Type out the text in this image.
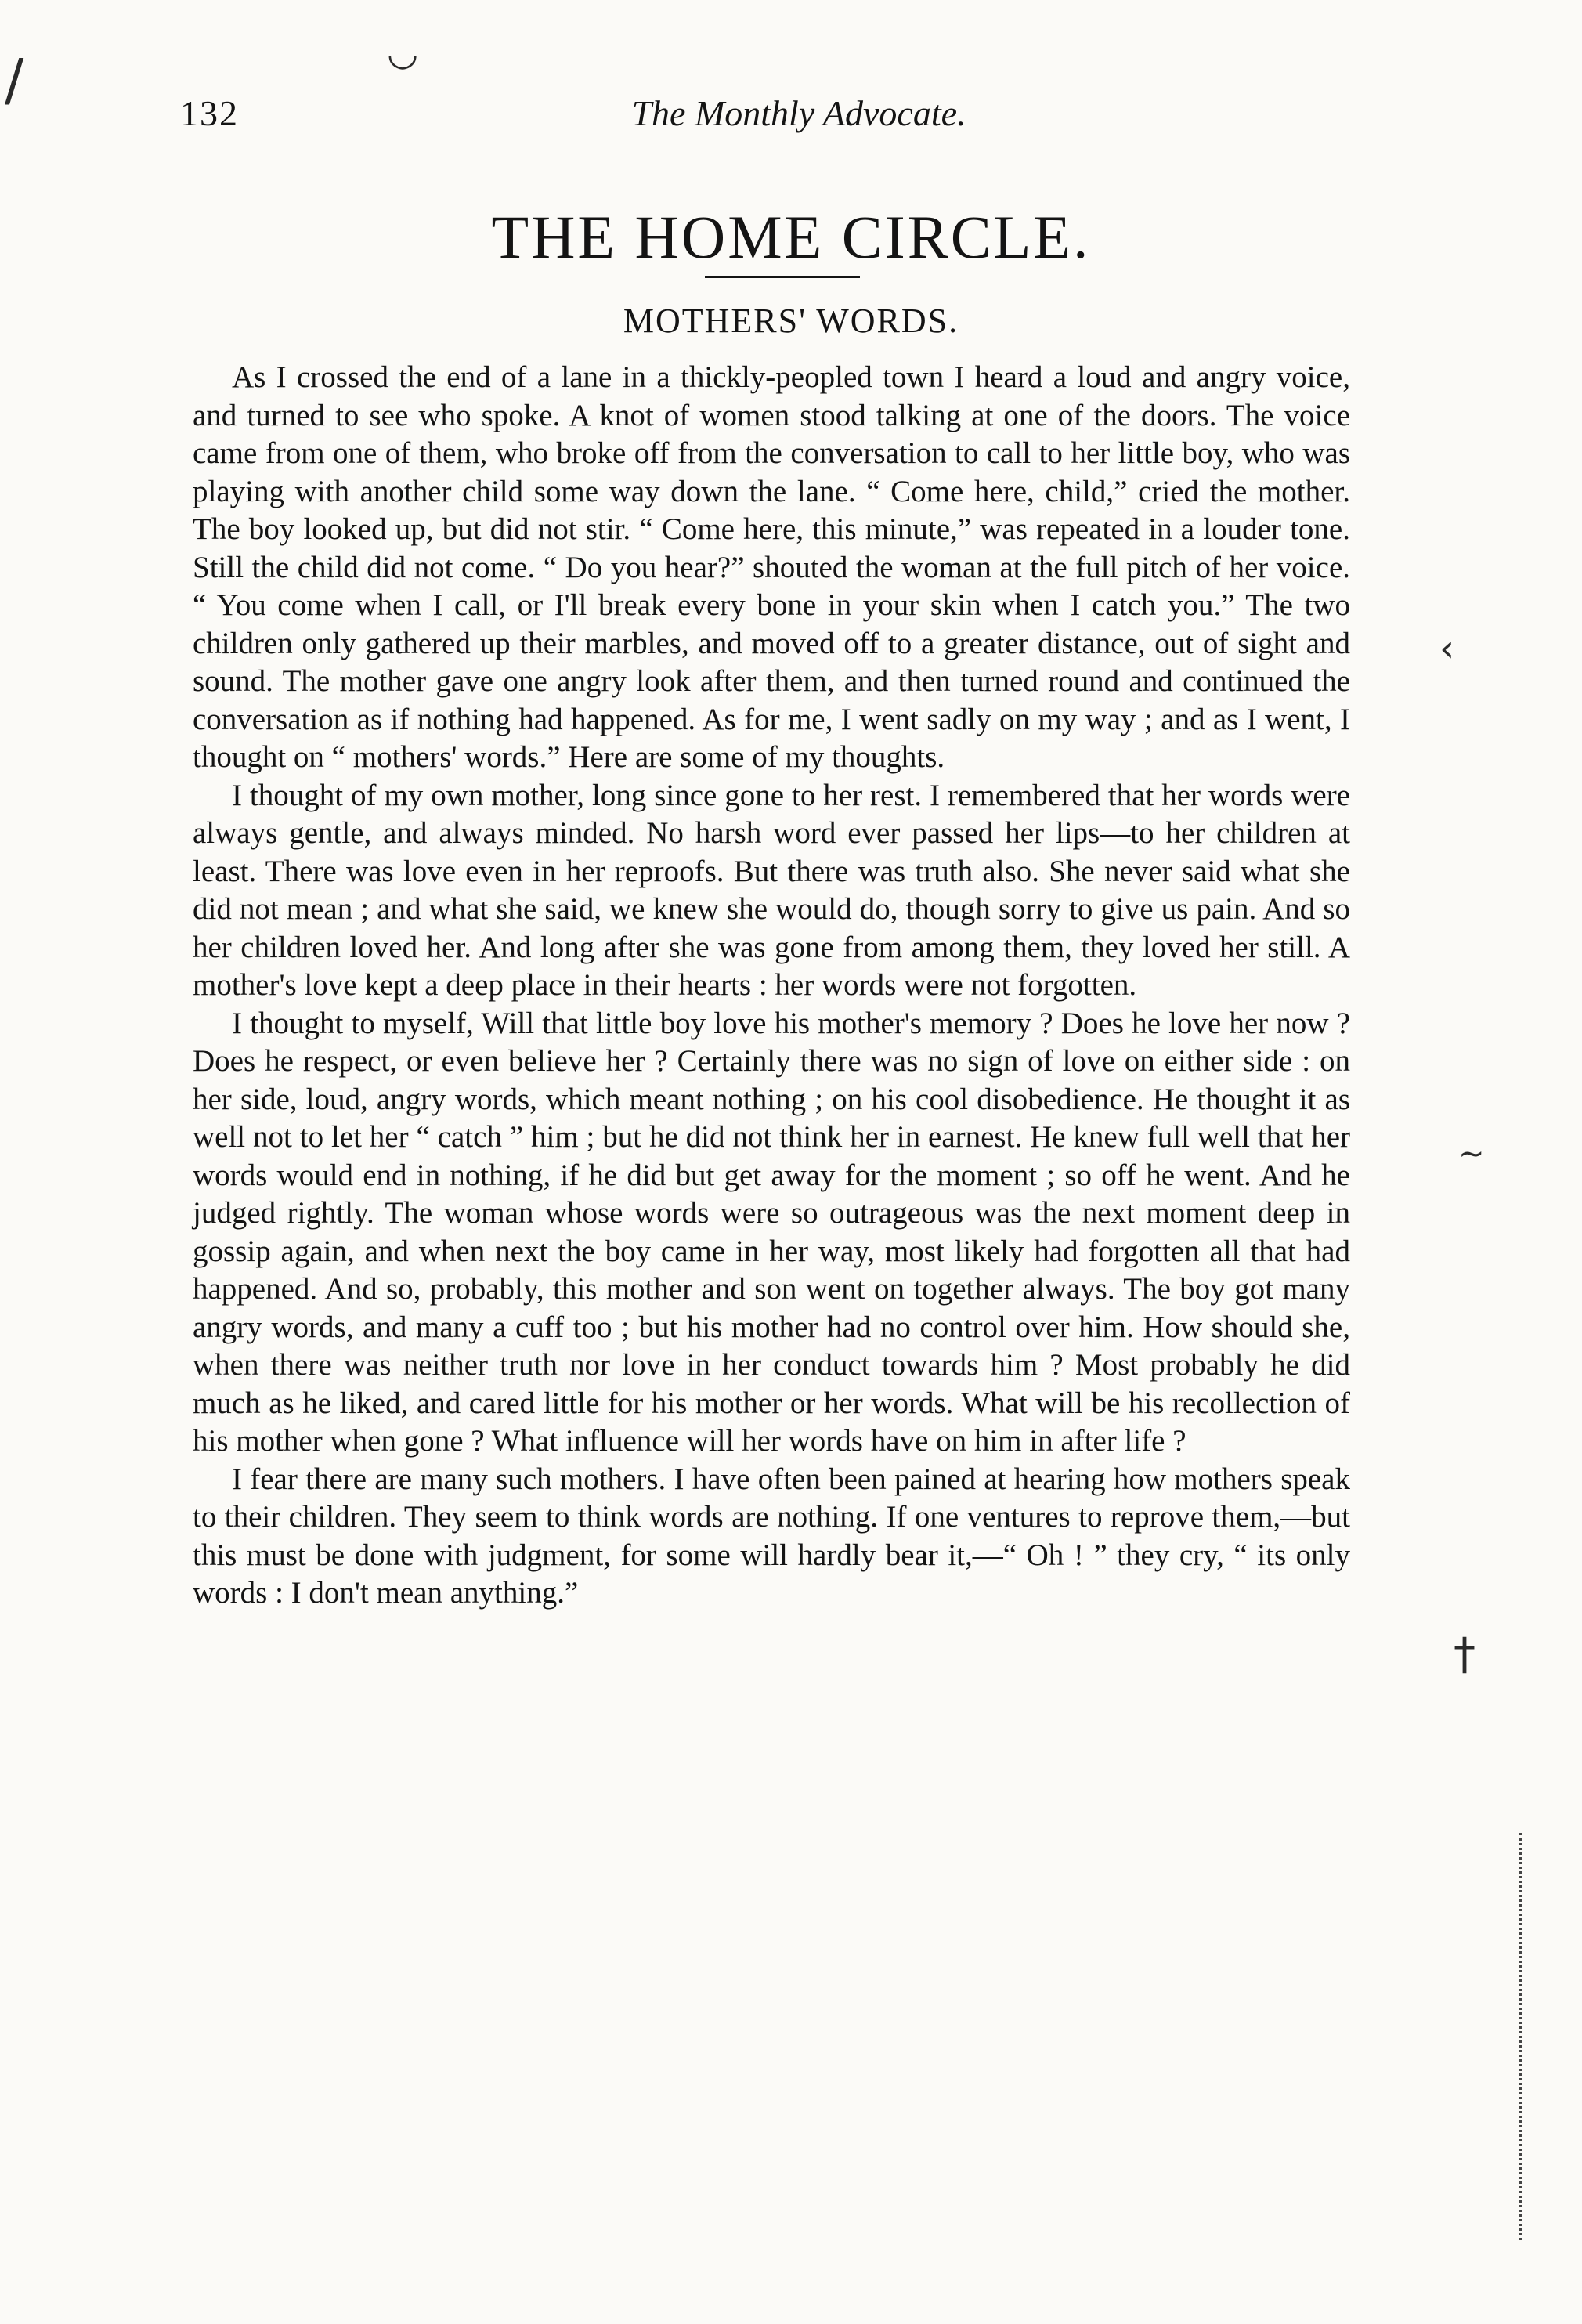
◡
/
‹
~
†
132	The Monthly Advocate.
THE HOME CIRCLE.
MOTHERS' WORDS.

As I crossed the end of a lane in a thickly-peopled town I heard a loud and angry voice, and turned to see who spoke. A knot of women stood talking at one of the doors. The voice came from one of them, who broke off from the conversation to call to her little boy, who was playing with another child some way down the lane. “ Come here, child,” cried the mother. The boy looked up, but did not stir. “ Come here, this minute,” was repeated in a louder tone. Still the child did not come. “ Do you hear?” shouted the woman at the full pitch of her voice. “ You come when I call, or I'll break every bone in your skin when I catch you.” The two children only gathered up their marbles, and moved off to a greater distance, out of sight and sound. The mother gave one angry look after them, and then turned round and continued the conversation as if nothing had happened. As for me, I went sadly on my way ; and as I went, I thought on “ mothers' words.” Here are some of my thoughts.

I thought of my own mother, long since gone to her rest. I remembered that her words were always gentle, and always minded. No harsh word ever passed her lips—to her children at least. There was love even in her reproofs. But there was truth also. She never said what she did not mean ; and what she said, we knew she would do, though sorry to give us pain. And so her children loved her. And long after she was gone from among them, they loved her still. A mother's love kept a deep place in their hearts : her words were not forgotten.

I thought to myself, Will that little boy love his mother's memory ? Does he love her now ? Does he respect, or even believe her ? Certainly there was no sign of love on either side : on her side, loud, angry words, which meant nothing ; on his cool disobedience. He thought it as well not to let her “ catch ” him ; but he did not think her in earnest. He knew full well that her words would end in nothing, if he did but get away for the moment ; so off he went. And he judged rightly. The woman whose words were so outrageous was the next moment deep in gossip again, and when next the boy came in her way, most likely had forgotten all that had happened. And so, probably, this mother and son went on together always. The boy got many angry words, and many a cuff too ; but his mother had no control over him. How should she, when there was neither truth nor love in her conduct towards him ? Most probably he did much as he liked, and cared little for his mother or her words. What will be his recollection of his mother when gone ? What influence will her words have on him in after life ?

I fear there are many such mothers. I have often been pained at hearing how mothers speak to their children. They seem to think words are nothing. If one ventures to reprove them,—but this must be done with judgment, for some will hardly bear it,—“ Oh ! ” they cry, “ its only words : I don't mean anything.”
